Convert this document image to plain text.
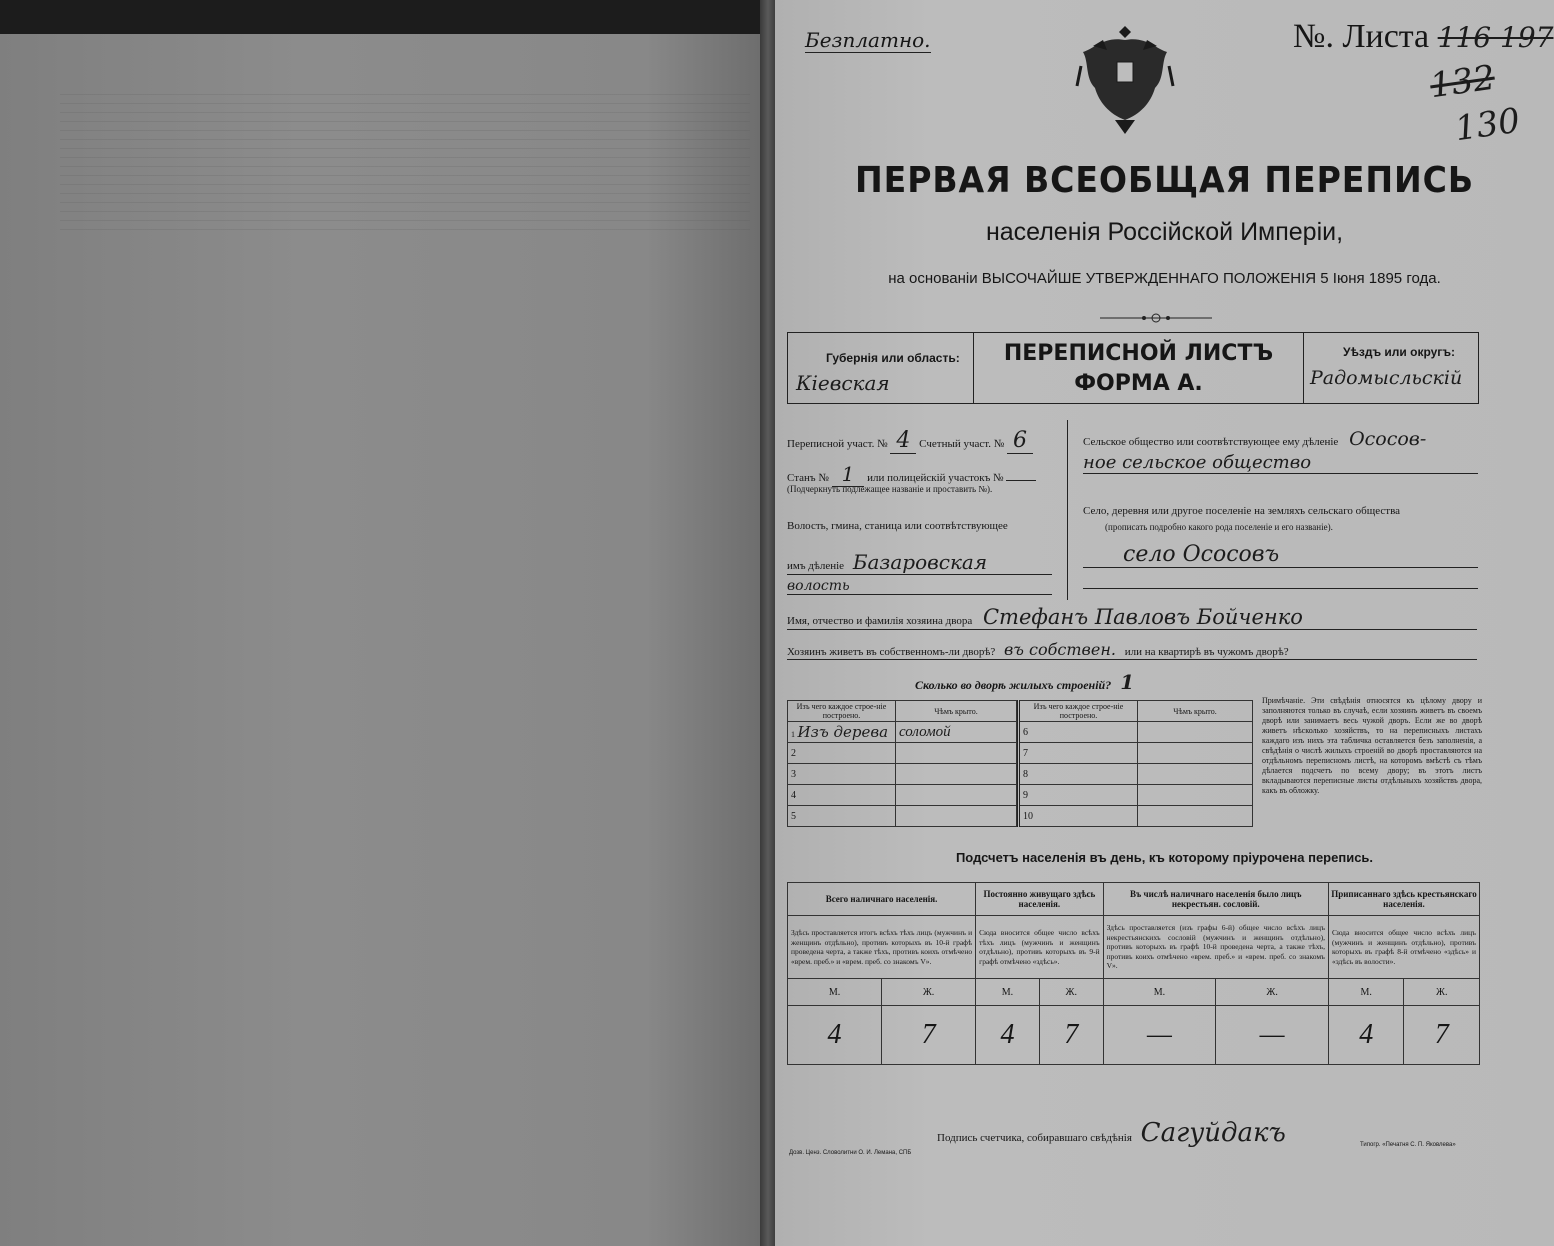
Безплатно.	№. Листа 116 197
132
130
ПЕРВАЯ ВСЕОБЩАЯ ПЕРЕПИСЬ
населенія Россійской Имперіи,
на основаніи ВЫСОЧАЙШЕ УТВЕРЖДЕННАГО ПОЛОЖЕНІЯ 5 Іюня 1895 года.
Губернія или область:
Кіевская
ПЕРЕПИСНОЙ ЛИСТЪ
ФОРМА А.
Уѣздъ или округъ:
Радомысльскій
Переписной участ. № 4 Счетный участ. № 6
Станъ № 1 или полицейскій участокъ №
(Подчеркнуть подлежащее названіе и проставить №).
Волость, гмина, станица или соотвѣтствующее
имъ дѣленіе Базаровская
волость
Сельское общество или соотвѣтствующее ему дѣленіе Ососов-
ное сельское общество
Село, деревня или другое поселеніе на земляхъ сельскаго общества
(прописать подробно какого рода поселеніе и его названіе).
село Ососовъ
Имя, отчество и фамилія хозяина двора Стефанъ Павловъ Бойченко
Хозяинъ живетъ въ собственномъ-ли дворѣ? въ собствен. или на квартирѣ въ чужомъ дворѣ?
Сколько во дворѣ жилыхъ строеній? 1
Изъ чего каждое строе-ніе построено.	Чѣмъ крыто.
1 Изъ дерева	соломой
2	
3	
4	
5	
Изъ чего каждое строе-ніе построено.	Чѣмъ крыто.
6	
7	
8	
9	
10	
Примѣчаніе. Эти свѣдѣнія относятся къ цѣлому двору и заполняются только въ случаѣ, если хозяинъ живетъ въ своемъ дворѣ или занимаетъ весь чужой дворъ. Если же во дворѣ живетъ нѣсколько хозяйствъ, то на переписныхъ листахъ каждаго изъ нихъ эта табличка оставляется безъ заполненія, а свѣдѣнія о числѣ жилыхъ строеній во дворѣ проставляются на отдѣльномъ переписномъ листѣ, на которомъ вмѣстѣ съ тѣмъ дѣлается подсчетъ по всему двору; въ этотъ листъ вкладываются переписные листы отдѣльныхъ хозяйствъ двора, какъ въ обложку.
Подсчетъ населенія въ день, къ которому пріурочена перепись.
Всего наличнаго населенія.		Постоянно живущаго здѣсь населенія.		Въ числѣ наличнаго населенія было лицъ некрестьян. сословій.		Приписаннаго здѣсь крестьянскаго населенія.	
Здѣсь проставляется итогъ всѣхъ тѣхъ лицъ (мужчинъ и женщинъ отдѣльно), противъ которыхъ въ 10-й графѣ проведена черта, а также тѣхъ, противъ коихъ отмѣчено «врем. преб.» и «врем. преб. со знакомъ V».		Сюда вносится общее число всѣхъ тѣхъ лицъ (мужчинъ и женщинъ отдѣльно), противъ которыхъ въ 9-й графѣ отмѣчено «здѣсь».		Здѣсь проставляется (изъ графы 6-й) общее число всѣхъ лицъ некрестьянскихъ сословій (мужчинъ и женщинъ отдѣльно), противъ которыхъ въ графѣ 10-й проведена черта, а также тѣхъ, противъ коихъ отмѣчено «врем. преб.» и «врем. преб. со знакомъ V».		Сюда вносится общее число всѣхъ лицъ (мужчинъ и женщинъ отдѣльно), противъ которыхъ въ графѣ 8-й отмѣчено «здѣсь» и «здѣсь въ волости».	
М.	Ж.	М.	Ж.	М.	Ж.	М.	Ж.
4	7	4	7	—	—	4	7
Подпись счетчика, собиравшаго свѣдѣнія Сагуйдакъ
Дозв. Ценз. Словолитни О. И. Лемана, СПБ
Типогр. «Печатня С. П. Яковлева»
